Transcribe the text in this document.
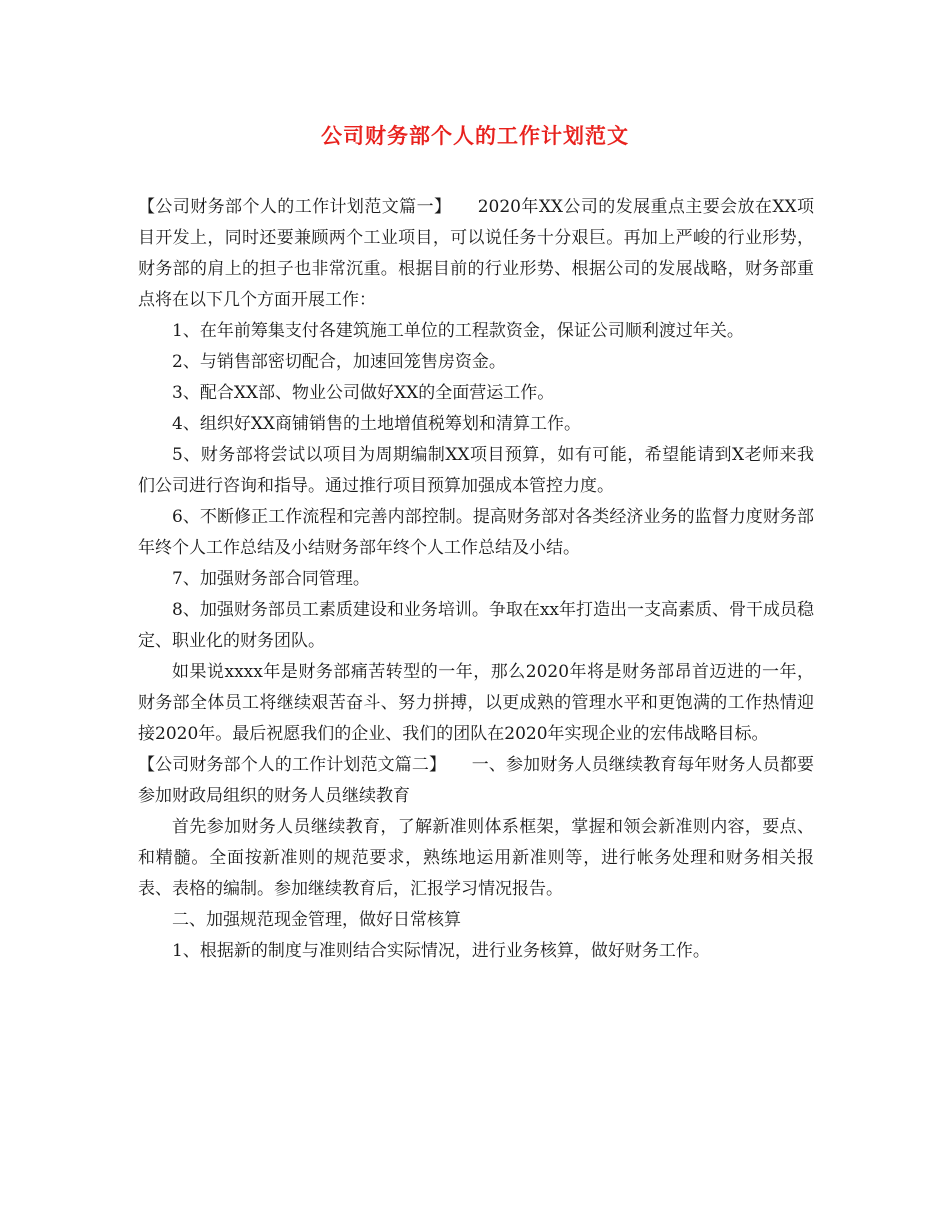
公司财务部个人的工作计划范文

【公司财务部个人的工作计划范文篇一】　　2020年XX公司的发展重点主要会放在XX项目开发上，同时还要兼顾两个工业项目，可以说任务十分艰巨。再加上严峻的行业形势，财务部的肩上的担子也非常沉重。根据目前的行业形势、根据公司的发展战略，财务部重点将在以下几个方面开展工作：

1、在年前筹集支付各建筑施工单位的工程款资金，保证公司顺利渡过年关。

2、与销售部密切配合，加速回笼售房资金。

3、配合XX部、物业公司做好XX的全面营运工作。

4、组织好XX商铺销售的土地增值税筹划和清算工作。

5、财务部将尝试以项目为周期编制XX项目预算，如有可能，希望能请到X老师来我们公司进行咨询和指导。通过推行项目预算加强成本管控力度。

6、不断修正工作流程和完善内部控制。提高财务部对各类经济业务的监督力度财务部年终个人工作总结及小结财务部年终个人工作总结及小结。

7、加强财务部合同管理。

8、加强财务部员工素质建设和业务培训。争取在xx年打造出一支高素质、骨干成员稳定、职业化的财务团队。

如果说xxxx年是财务部痛苦转型的一年，那么2020年将是财务部昂首迈进的一年，财务部全体员工将继续艰苦奋斗、努力拼搏，以更成熟的管理水平和更饱满的工作热情迎接2020年。最后祝愿我们的企业、我们的团队在2020年实现企业的宏伟战略目标。

【公司财务部个人的工作计划范文篇二】　　一、参加财务人员继续教育每年财务人员都要参加财政局组织的财务人员继续教育

首先参加财务人员继续教育，了解新准则体系框架，掌握和领会新准则内容，要点、和精髓。全面按新准则的规范要求，熟练地运用新准则等，进行帐务处理和财务相关报表、表格的编制。参加继续教育后，汇报学习情况报告。

二、加强规范现金管理，做好日常核算

1、根据新的制度与准则结合实际情况，进行业务核算，做好财务工作。
